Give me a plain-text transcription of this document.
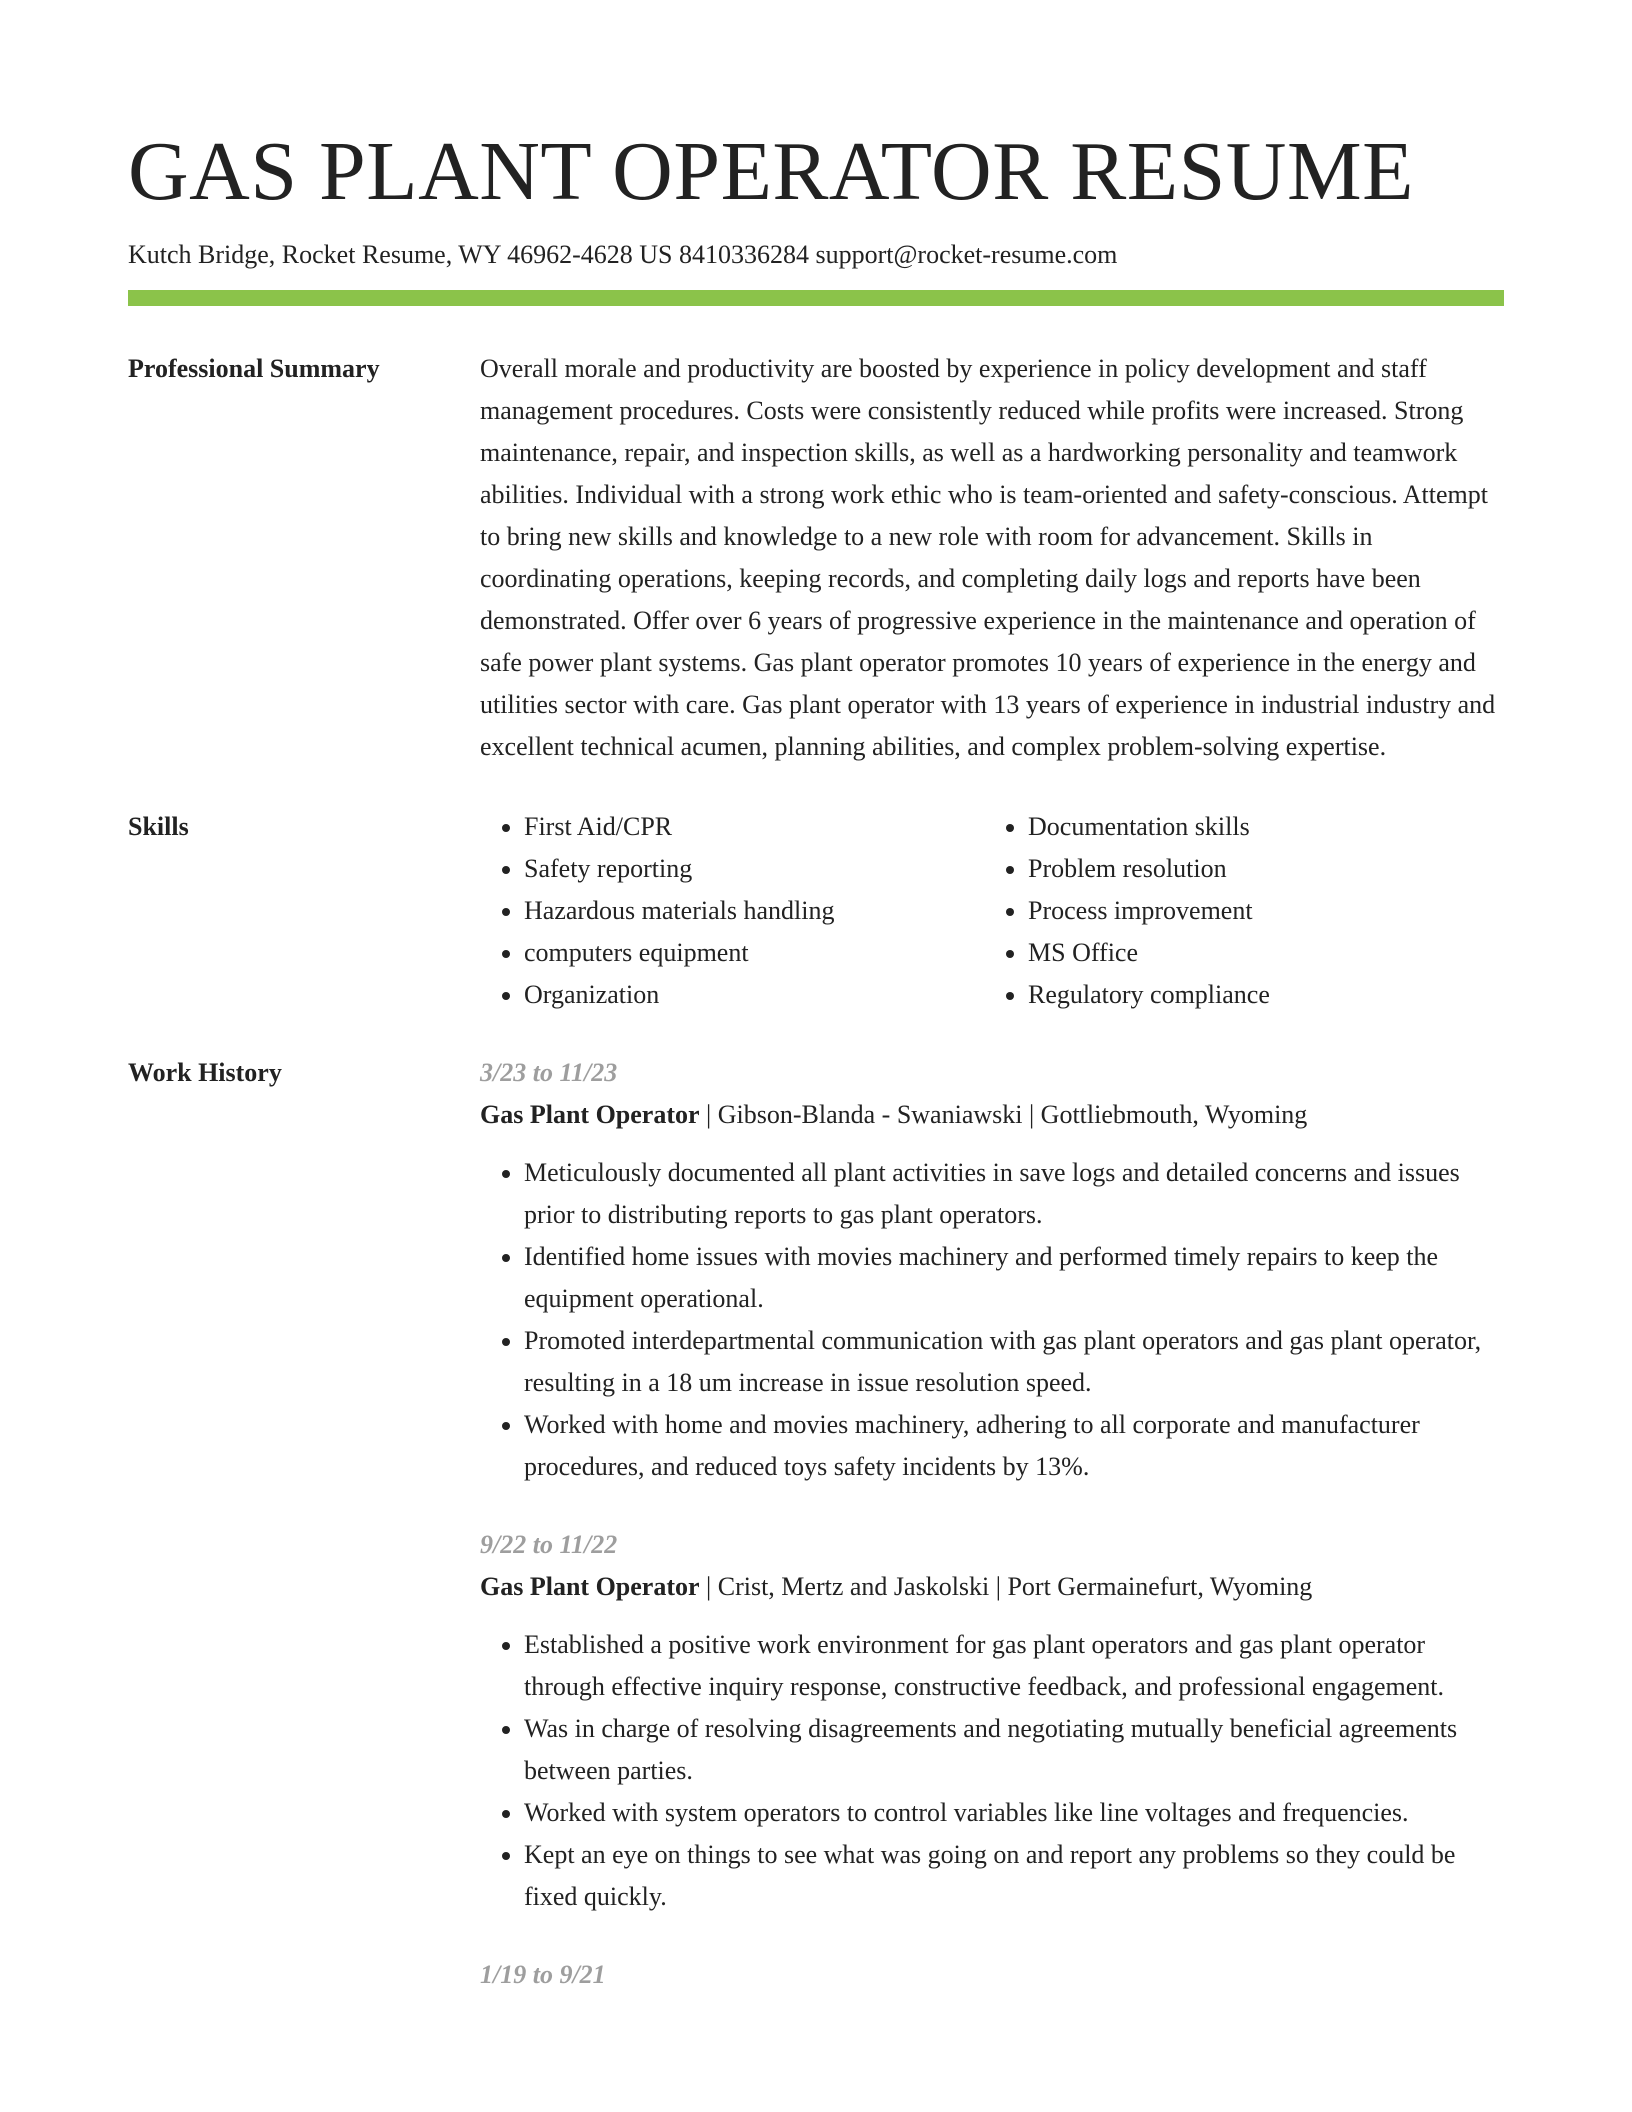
GAS PLANT OPERATOR RESUME
Kutch Bridge, Rocket Resume, WY 46962-4628 US 8410336284 support@rocket-resume.com
Professional Summary	Overall morale and productivity are boosted by experience in policy development and staff management procedures. Costs were consistently reduced while profits were increased. Strong maintenance, repair, and inspection skills, as well as a hardworking personality and teamwork abilities. Individual with a strong work ethic who is team-oriented and safety-conscious. Attempt to bring new skills and knowledge to a new role with room for advancement. Skills in coordinating operations, keeping records, and completing daily logs and reports have been demonstrated. Offer over 6 years of progressive experience in the maintenance and operation of safe power plant systems. Gas plant operator promotes 10 years of experience in the energy and utilities sector with care. Gas plant operator with 13 years of experience in industrial industry and excellent technical acumen, planning abilities, and complex problem-solving expertise.

Skills
•	First Aid/CPR
• Safety reporting
• Hazardous materials handling
• computers equipment
• Organization
• Documentation skills
• Problem resolution
• Process improvement
• MS Office
• Regulatory compliance
Work History	3/23 to 11/23
Gas Plant Operator | Gibson-Blanda - Swaniawski | Gottliebmouth, Wyoming
• Meticulously documented all plant activities in save logs and detailed concerns and issues prior to distributing reports to gas plant operators.
• Identified home issues with movies machinery and performed timely repairs to keep the equipment operational.
• Promoted interdepartmental communication with gas plant operators and gas plant operator, resulting in a 18 um increase in issue resolution speed.
• Worked with home and movies machinery, adhering to all corporate and manufacturer procedures, and reduced toys safety incidents by 13%.
9/22 to 11/22
Gas Plant Operator | Crist, Mertz and Jaskolski | Port Germainefurt, Wyoming
• Established a positive work environment for gas plant operators and gas plant operator through effective inquiry response, constructive feedback, and professional engagement.
• Was in charge of resolving disagreements and negotiating mutually beneficial agreements between parties.
• Worked with system operators to control variables like line voltages and frequencies.
• Kept an eye on things to see what was going on and report any problems so they could be fixed quickly.
1/19 to 9/21
